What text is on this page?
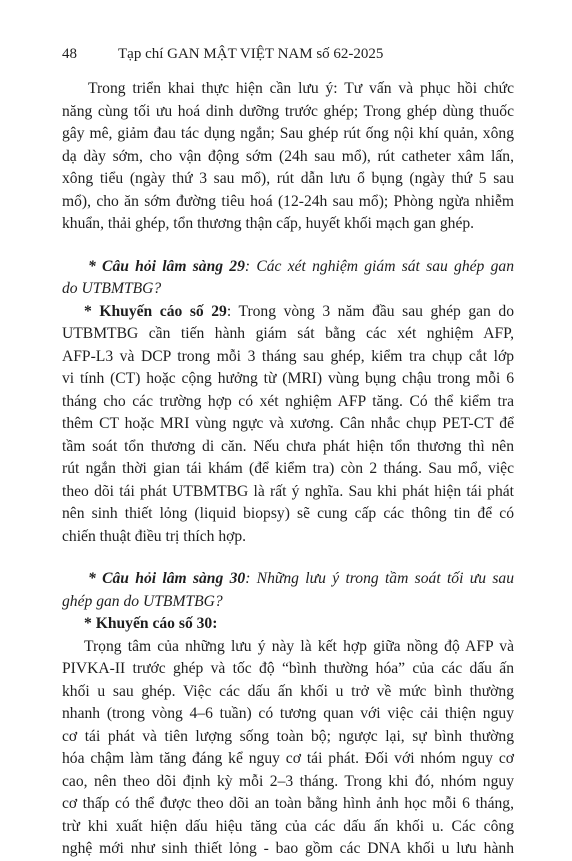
48	Tạp chí GAN MẬT VIỆT NAM số 62-2025

Trong triển khai thực hiện cần lưu ý: Tư vấn và phục hồi chức
năng cùng tối ưu hoá dinh dưỡng trước ghép; Trong ghép dùng thuốc
gây mê, giảm đau tác dụng ngắn; Sau ghép rút ống nội khí quản, xông
dạ dày sớm, cho vận động sớm (24h sau mổ), rút catheter xâm lấn,
xông tiểu (ngày thứ 3 sau mổ), rút dẫn lưu ổ bụng (ngày thứ 5 sau
mổ), cho ăn sớm đường tiêu hoá (12-24h sau mổ); Phòng ngừa nhiễm
khuẩn, thải ghép, tổn thương thận cấp, huyết khối mạch gan ghép.

* Câu hỏi lâm sàng 29: Các xét nghiệm giám sát sau ghép gan
do UTBMTBG?

* Khuyến cáo số 29: Trong vòng 3 năm đầu sau ghép gan do
UTBMTBG cần tiến hành giám sát bằng các xét nghiệm AFP,
AFP-L3 và DCP trong mỗi 3 tháng sau ghép, kiểm tra chụp cắt lớp
vi tính (CT) hoặc cộng hưởng từ (MRI) vùng bụng chậu trong mỗi 6
tháng cho các trường hợp có xét nghiệm AFP tăng. Có thể kiểm tra
thêm CT hoặc MRI vùng ngực và xương. Cân nhắc chụp PET-CT để
tầm soát tổn thương di căn. Nếu chưa phát hiện tổn thương thì nên
rút ngắn thời gian tái khám (để kiểm tra) còn 2 tháng. Sau mổ, việc
theo dõi tái phát UTBMTBG là rất ý nghĩa. Sau khi phát hiện tái phát
nên sinh thiết lỏng (liquid biopsy) sẽ cung cấp các thông tin để có
chiến thuật điều trị thích hợp.

* Câu hỏi lâm sàng 30: Những lưu ý trong tầm soát tối ưu sau
ghép gan do UTBMTBG?

* Khuyến cáo số 30:
Trọng tâm của những lưu ý này là kết hợp giữa nồng độ AFP và
PIVKA-II trước ghép và tốc độ “bình thường hóa” của các dấu ấn
khối u sau ghép. Việc các dấu ấn khối u trở về mức bình thường
nhanh (trong vòng 4–6 tuần) có tương quan với việc cải thiện nguy
cơ tái phát và tiên lượng sống toàn bộ; ngược lại, sự bình thường
hóa chậm làm tăng đáng kể nguy cơ tái phát. Đối với nhóm nguy cơ
cao, nên theo dõi định kỳ mỗi 2–3 tháng. Trong khi đó, nhóm nguy
cơ thấp có thể được theo dõi an toàn bằng hình ảnh học mỗi 6 tháng,
trừ khi xuất hiện dấu hiệu tăng của các dấu ấn khối u. Các công
nghệ mới như sinh thiết lỏng - bao gồm các DNA khối u lưu hành
